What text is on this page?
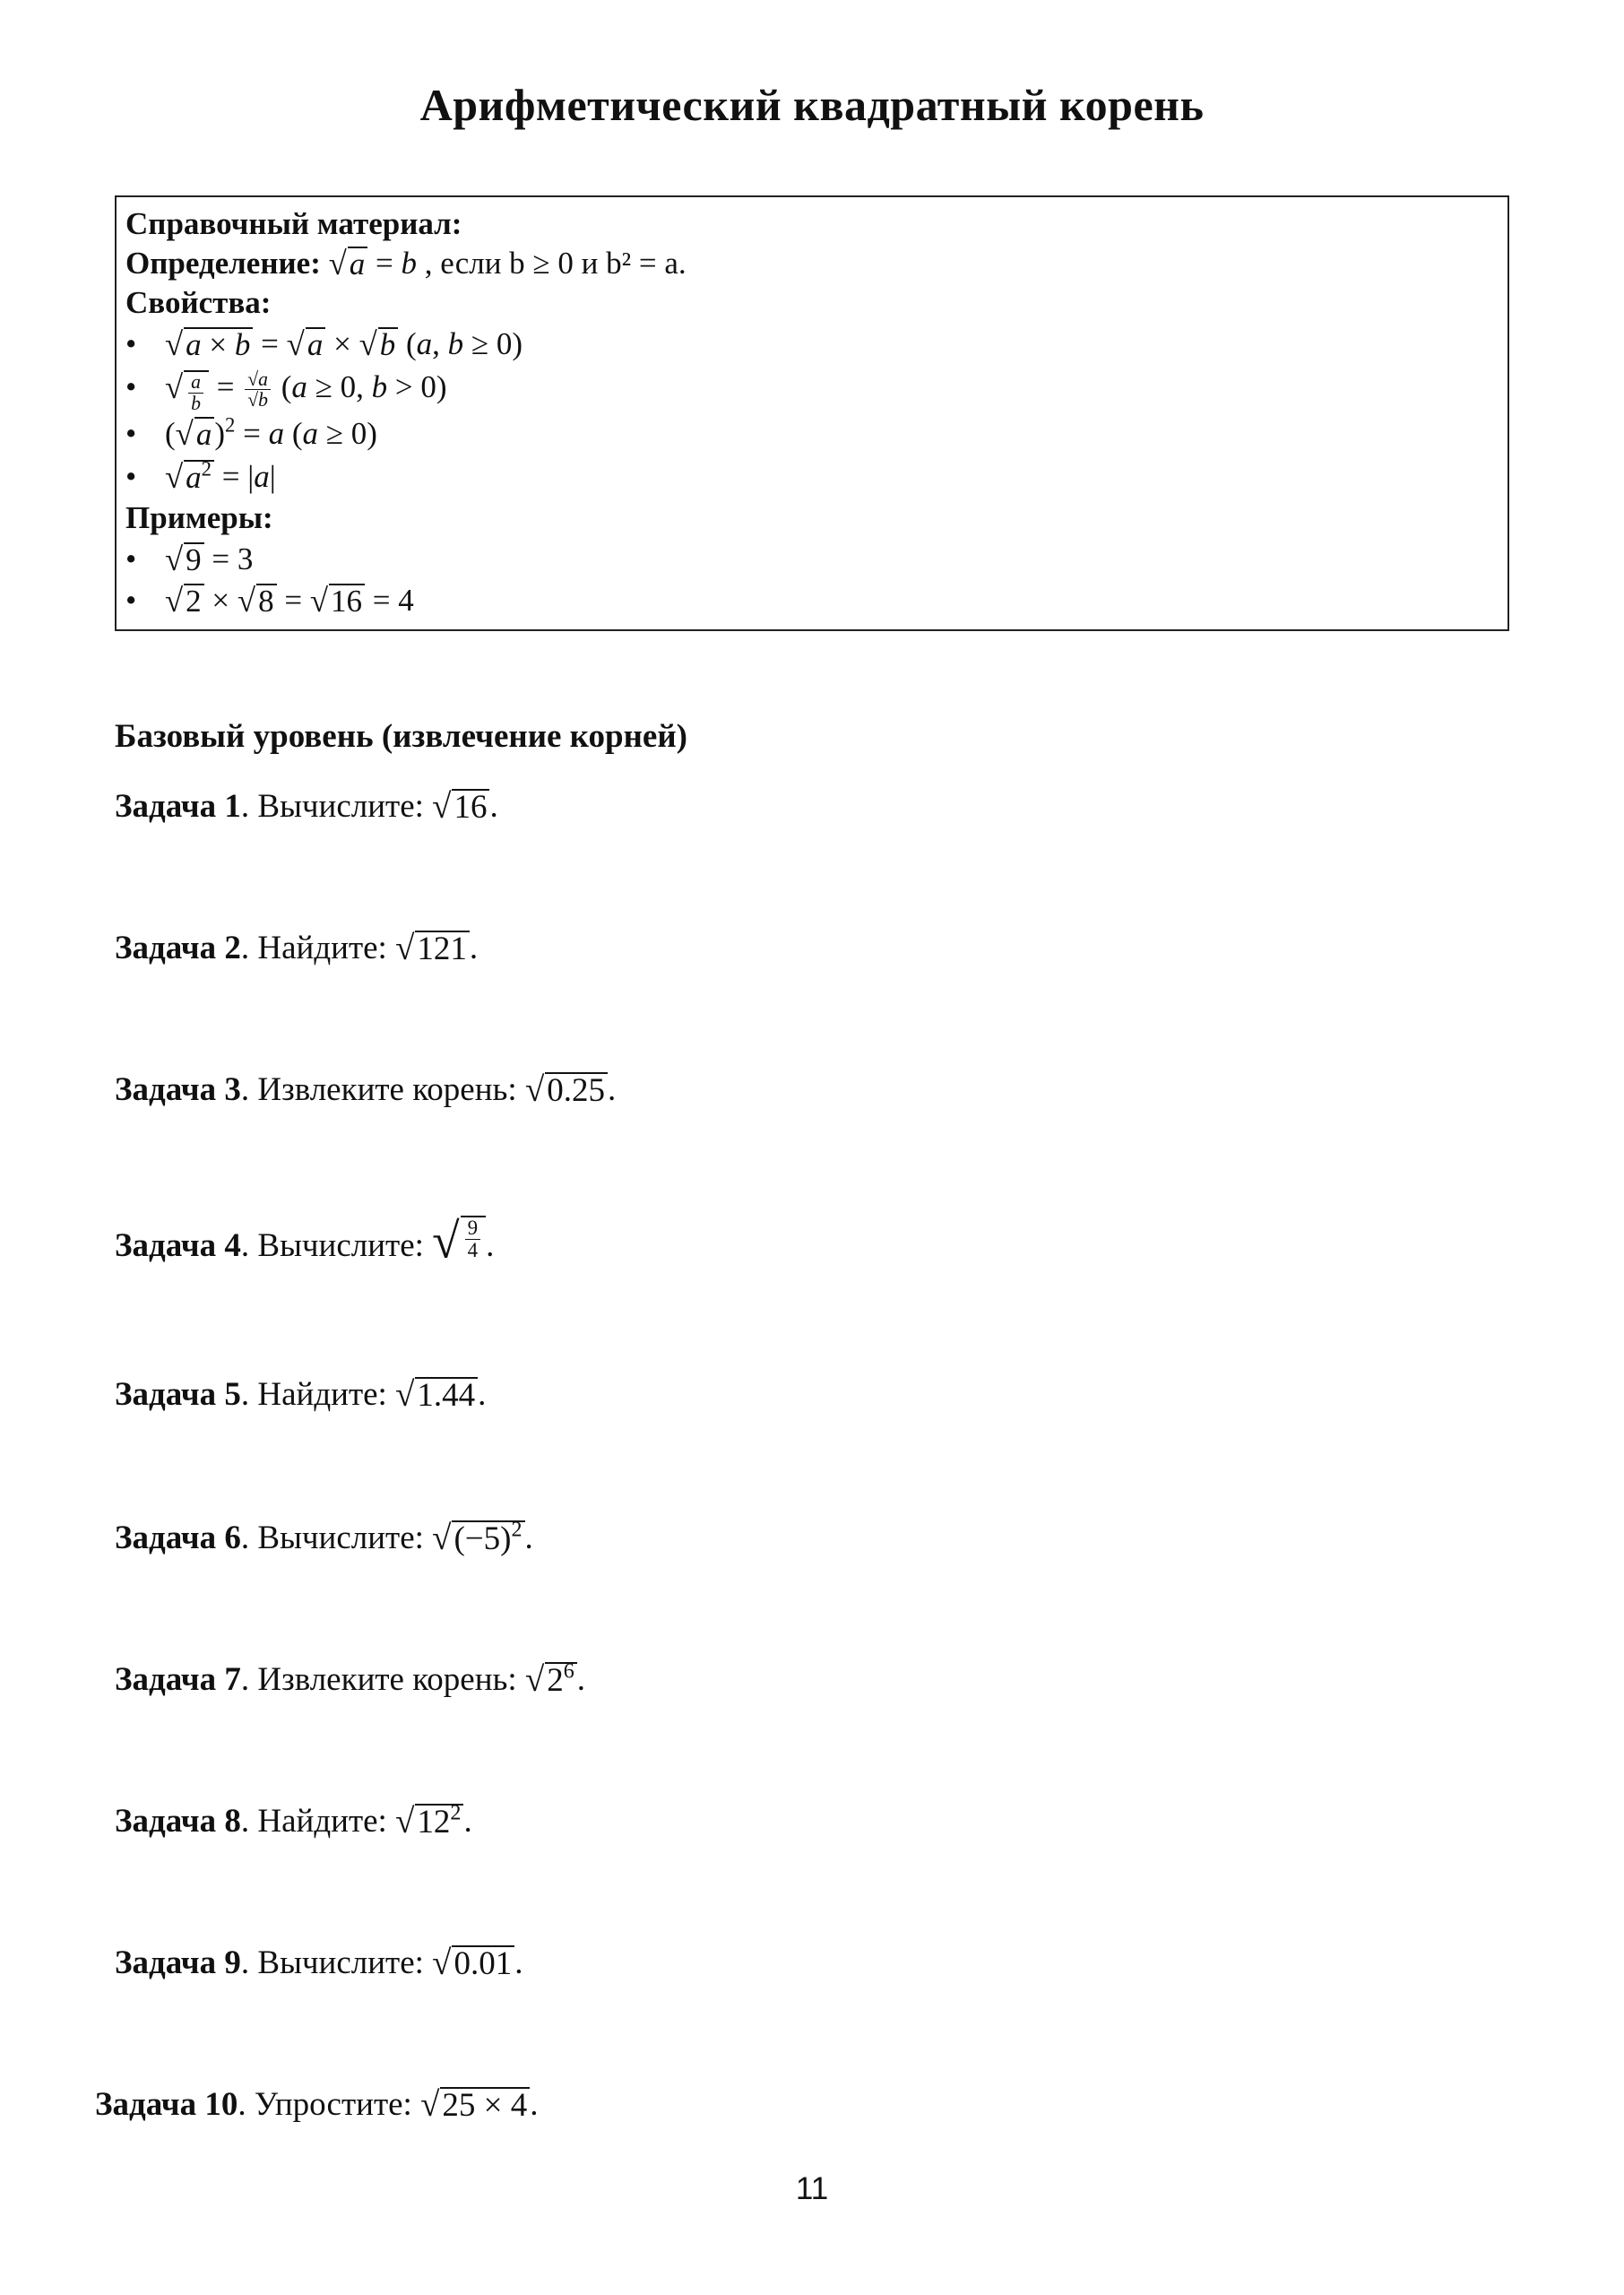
Арифметический квадратный корень
Справочный материал:
Определение: √ a = b , если b ≥ 0 и b² = a.
Свойства:
• √ a × b = √ a × √ b (a, b ≥ 0)
• √ $\frac{a}{b} = \frac{√a}{√b} (a \ge 0$, b > 0)
• ( √ a )$^2$ = a (a ≥ 0)
• √ $a^2 = |a|$
Примеры:
• √ 9 = 3
• √ 2 × √ 8 = √ 16 = 4
Базовый уровень (извлечение корней)
Задача 1. Вычислите: √ 16 .
Задача 2. Найдите: √ 121 .
Задача 3. Извлеките корень: √ 0.25 .
Задача 4. Вычислите: √ $\frac{9}{4}$ .
Задача 5. Найдите: √ 1.44 .
Задача 6. Вычислите: √ $(-5)^2$ .
Задача 7. Извлеките корень: √ $2^6$ .
Задача 8. Найдите: √ $12^2$ .
Задача 9. Вычислите: √ 0.01 .
Задача 10. Упростите: √ 25 × 4 .
11
